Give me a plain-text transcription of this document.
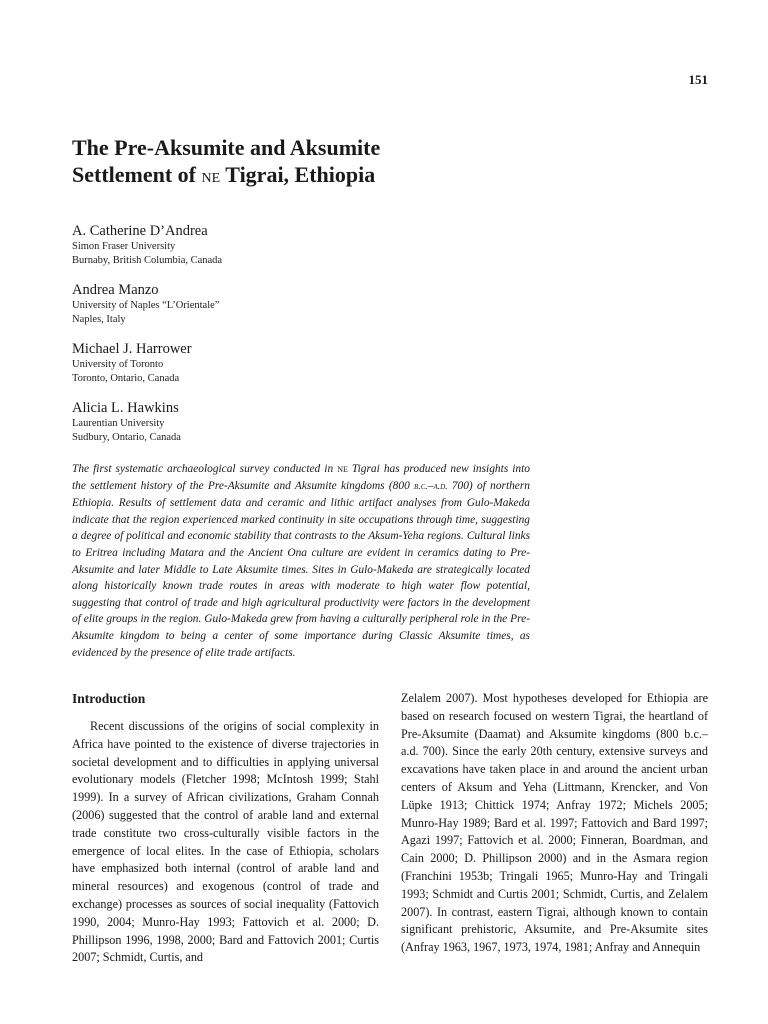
151
The Pre-Aksumite and Aksumite
Settlement of ne Tigrai, Ethiopia
A. Catherine D’Andrea
Simon Fraser University
Burnaby, British Columbia, Canada
Andrea Manzo
University of Naples “L’Orientale”
Naples, Italy
Michael J. Harrower
University of Toronto
Toronto, Ontario, Canada
Alicia L. Hawkins
Laurentian University
Sudbury, Ontario, Canada

The first systematic archaeological survey conducted in ne Tigrai has produced new insights into the settlement history of the Pre-Aksumite and Aksumite kingdoms (800 b.c.–a.d. 700) of northern Ethiopia. Results of settlement data and ceramic and lithic artifact analyses from Gulo-Makeda indicate that the region experienced marked continuity in site occupations through time, suggesting a degree of political and economic stability that contrasts to the Aksum-Yeha regions. Cultural links to Eritrea including Matara and the Ancient Ona culture are evident in ceramics dating to Pre-Aksumite and later Middle to Late Aksumite times. Sites in Gulo-Makeda are strategically located along historically known trade routes in areas with moderate to high water flow potential, suggesting that control of trade and high agricultural productivity were factors in the development of elite groups in the region. Gulo-Makeda grew from having a culturally peripheral role in the Pre-Aksumite kingdom to being a center of some importance during Classic Aksumite times, as evidenced by the presence of elite trade artifacts.

Introduction

Recent discussions of the origins of social complexity in Africa have pointed to the existence of diverse trajectories in societal development and to difficulties in applying universal evolutionary models (Fletcher 1998; McIntosh 1999; Stahl 1999). In a survey of African civilizations, Graham Connah (2006) suggested that the control of arable land and external trade constitute two cross-culturally visible factors in the emergence of local elites. In the case of Ethiopia, scholars have emphasized both internal (control of arable land and mineral resources) and exogenous (control of trade and exchange) processes as sources of social inequality (Fattovich 1990, 2004; Munro-Hay 1993; Fattovich et al. 2000; D. Phillipson 1996, 1998, 2000; Bard and Fattovich 2001; Curtis 2007; Schmidt, Curtis, and

Zelalem 2007). Most hypotheses developed for Ethiopia are based on research focused on western Tigrai, the heartland of Pre-Aksumite (Daamat) and Aksumite kingdoms (800 b.c.–a.d. 700). Since the early 20th century, extensive surveys and excavations have taken place in and around the ancient urban centers of Aksum and Yeha (Littmann, Krencker, and Von Lüpke 1913; Chittick 1974; Anfray 1972; Michels 2005; Munro-Hay 1989; Bard et al. 1997; Fattovich and Bard 1997; Agazi 1997; Fattovich et al. 2000; Finneran, Boardman, and Cain 2000; D. Phillipson 2000) and in the Asmara region (Franchini 1953b; Tringali 1965; Munro-Hay and Tringali 1993; Schmidt and Curtis 2001; Schmidt, Curtis, and Zelalem 2007). In contrast, eastern Tigrai, although known to contain significant prehistoric, Aksumite, and Pre-Aksumite sites (Anfray 1963, 1967, 1973, 1974, 1981; Anfray and Annequin
